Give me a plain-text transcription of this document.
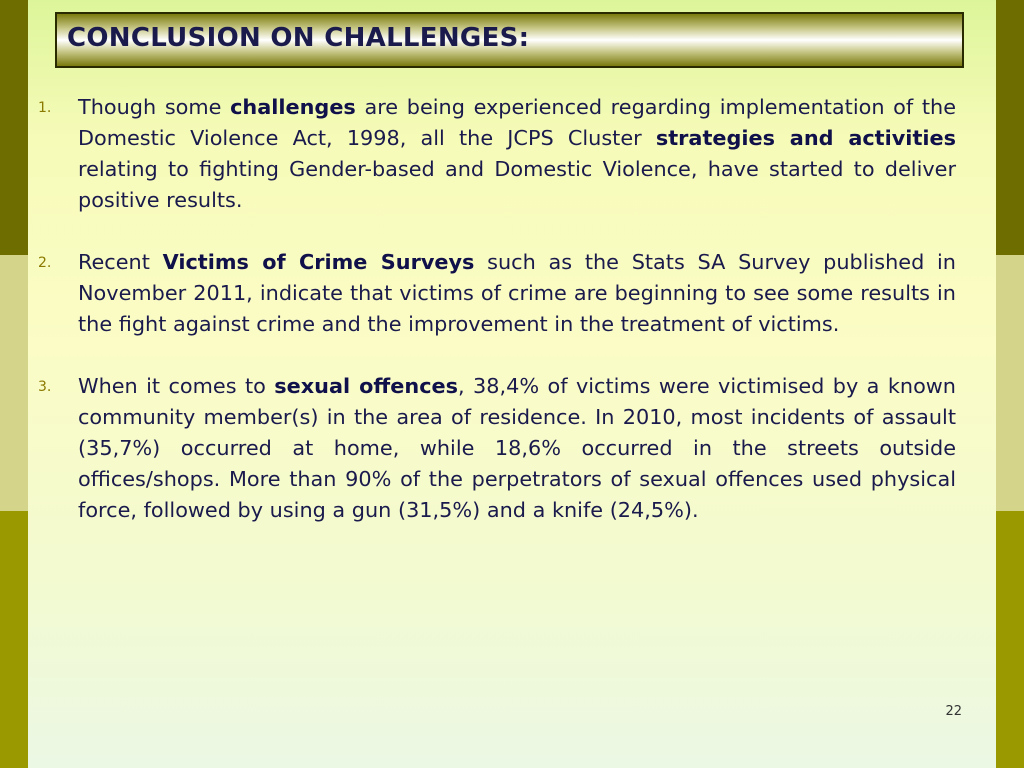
CONCLUSION ON CHALLENGES:
1. Though some challenges are being experienced regarding implementation of the Domestic Violence Act, 1998, all the JCPS Cluster strategies and activities relating to fighting Gender-based and Domestic Violence, have started to deliver positive results.
2. Recent Victims of Crime Surveys such as the Stats SA Survey published in November 2011, indicate that victims of crime are beginning to see some results in the fight against crime and the improvement in the treatment of victims.
3. When it comes to sexual offences, 38,4% of victims were victimised by a known community member(s) in the area of residence. In 2010, most incidents of assault (35,7%) occurred at home, while 18,6% occurred in the streets outside offices/shops. More than 90% of the perpetrators of sexual offences used physical force, followed by using a gun (31,5%) and a knife (24,5%).
22
